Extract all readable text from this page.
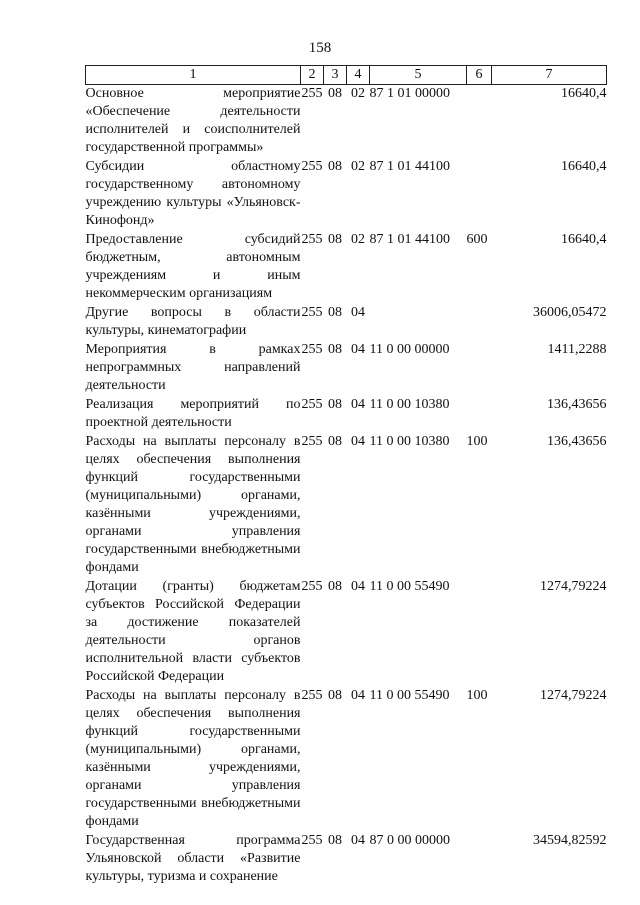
158
1	2	3	4	5	6	7
Основное мероприятие «Обеспечение деятельности исполнителей и соисполнителей государственной программы»	255	08	02	87 1 01 00000		16640,4
Субсидии областному государственному автономному учреждению культуры «Ульяновск-Кинофонд»	255	08	02	87 1 01 44100		16640,4
Предоставление субсидий бюджетным, автономным учреждениям и иным некоммерческим организациям	255	08	02	87 1 01 44100	600	16640,4
Другие вопросы в области культуры, кинематографии	255	08	04			36006,05472
Мероприятия в рамках непрограммных направлений деятельности	255	08	04	11 0 00 00000		1411,2288
Реализация мероприятий по проектной деятельности	255	08	04	11 0 00 10380		136,43656
Расходы на выплаты персоналу в целях обеспечения выполнения функций государственными (муниципальными) органами, казёнными учреждениями, органами управления государственными внебюджетными фондами	255	08	04	11 0 00 10380	100	136,43656
Дотации (гранты) бюджетам субъектов Российской Федерации за достижение показателей деятельности органов исполнительной власти субъектов Российской Федерации	255	08	04	11 0 00 55490		1274,79224
Расходы на выплаты персоналу в целях обеспечения выполнения функций государственными (муниципальными) органами, казёнными учреждениями, органами управления государственными внебюджетными фондами	255	08	04	11 0 00 55490	100	1274,79224
Государственная программа Ульяновской области «Развитие культуры, туризма и сохранение	255	08	04	87 0 00 00000		34594,82592
